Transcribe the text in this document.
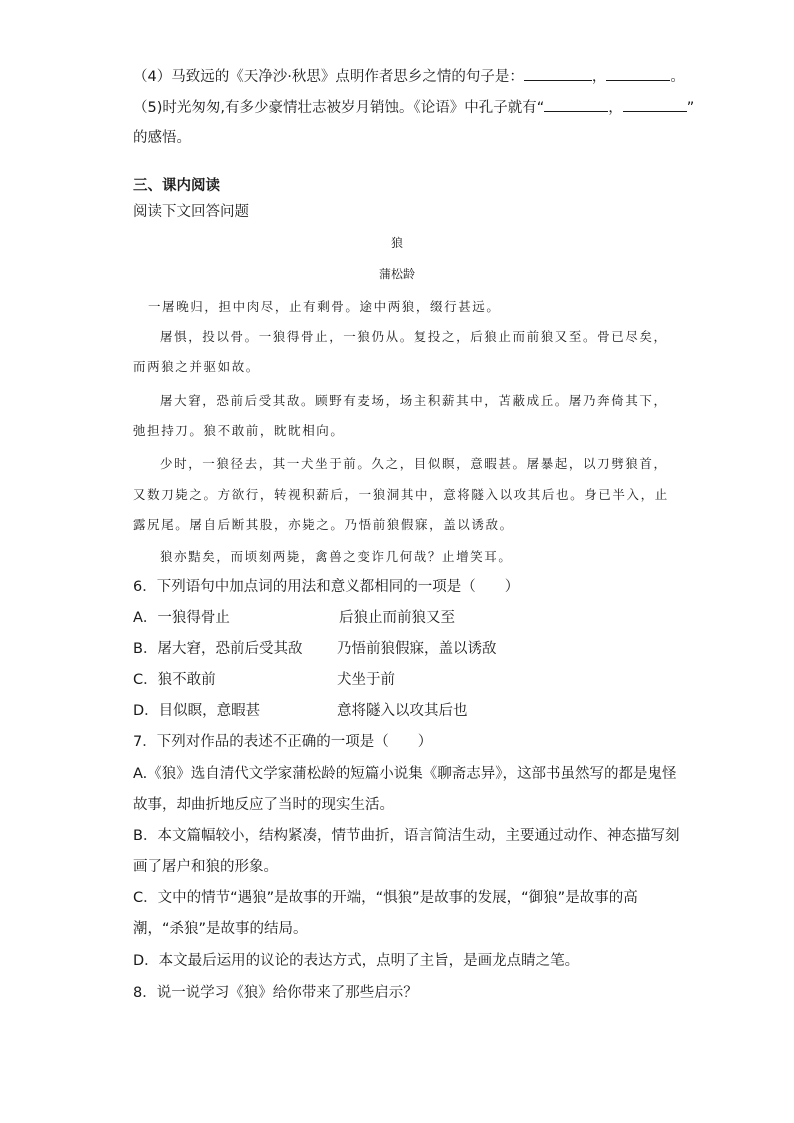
（4）马致远的《天净沙·秋思》点明作者思乡之情的句子是：	，	。
（5)时光匆匆,有多少豪情壮志被岁月销蚀。《论语》中孔子就有“	，	”
的感悟。
三、课内阅读
阅读下文回答问题
狼
蒲松龄
一屠晚归，担中肉尽，止有剩骨。途中两狼，缀行甚远。
屠惧，投以骨。一狼得骨止，一狼仍从。复投之，后狼止而前狼又至。骨已尽矣，
而两狼之并驱如故。
屠大窘，恐前后受其敌。顾野有麦场，场主积薪其中，苫蔽成丘。屠乃奔倚其下，
弛担持刀。狼不敢前，眈眈相向。
少时，一狼径去，其一犬坐于前。久之，目似瞑，意暇甚。屠暴起，以刀劈狼首，
又数刀毙之。方欲行，转视积薪后，一狼洞其中，意将隧入以攻其后也。身已半入，止
露尻尾。屠自后断其股，亦毙之。乃悟前狼假寐，盖以诱敌。
狼亦黠矣，而顷刻两毙，禽兽之变诈几何哉？止增笑耳。
6．下列语句中加点词的用法和意义都相同的一项是（　　）
A．一狼得骨止	后狼止而前狼又至
B．屠大窘，恐前后受其敌 乃悟前狼假寐，盖以诱敌
C．狼不敢前	犬坐于前
D．目似瞑，意暇甚	意将隧入以攻其后也
7．下列对作品的表述不正确的一项是（　　）
A.《狼》选自清代文学家蒲松龄的短篇小说集《聊斋志异》，这部书虽然写的都是鬼怪
故事，却曲折地反应了当时的现实生活。
B．本文篇幅较小，结构紧凑，情节曲折，语言简洁生动，主要通过动作、神态描写刻
画了屠户和狼的形象。
C．文中的情节“遇狼”是故事的开端，“惧狼”是故事的发展，“御狼”是故事的高
潮，“杀狼”是故事的结局。
D．本文最后运用的议论的表达方式，点明了主旨，是画龙点睛之笔。
8．说一说学习《狼》给你带来了那些启示？
